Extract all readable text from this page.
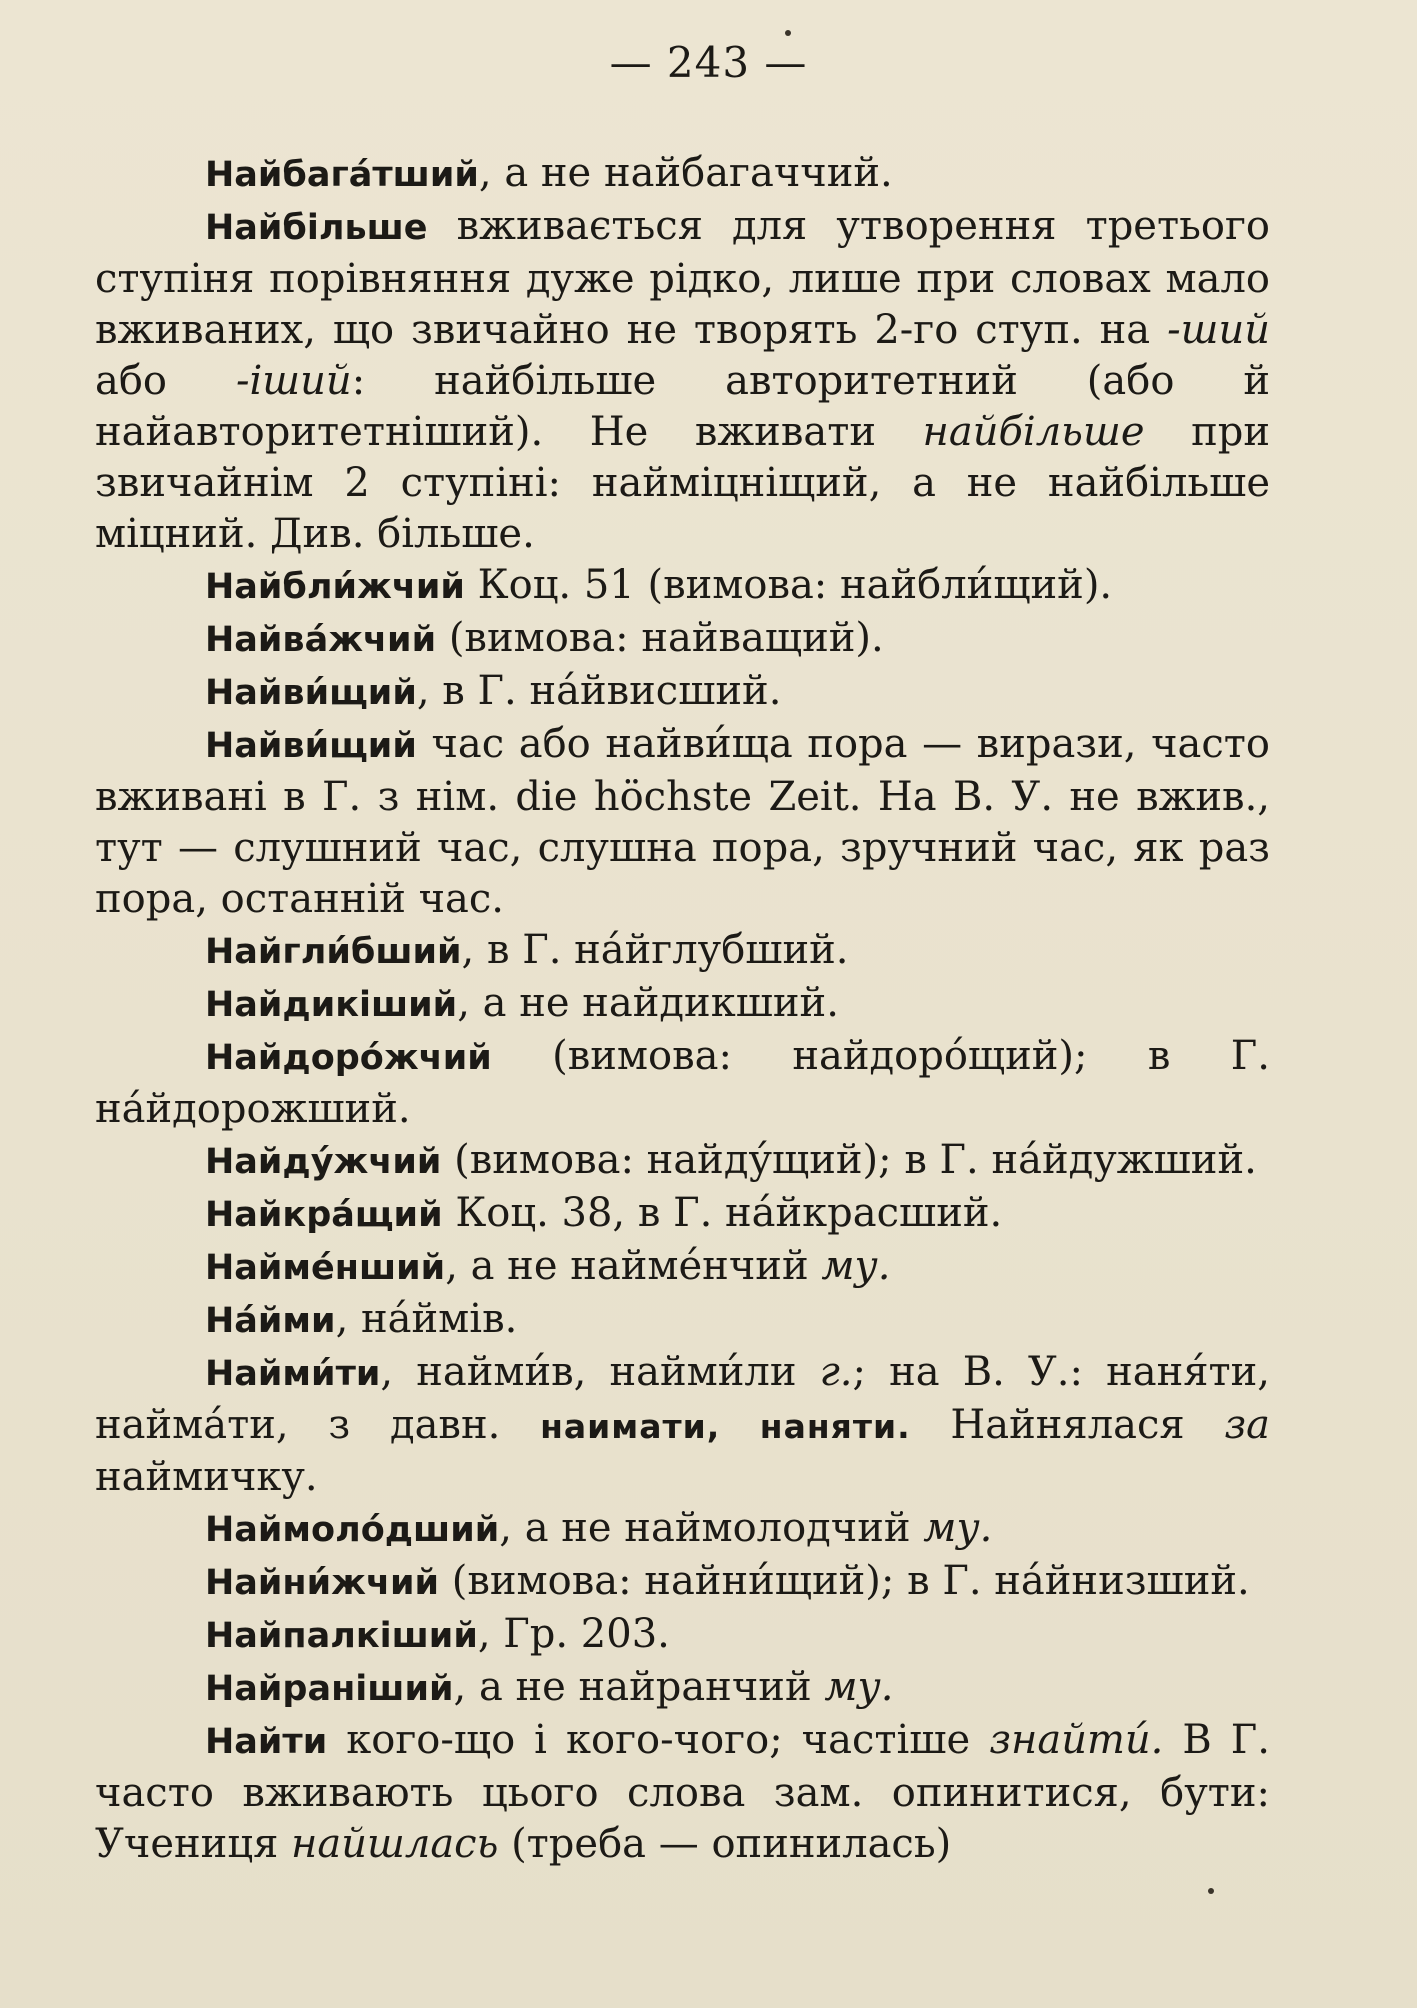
— 243 —

Найбага́тший, а не найбагаччий.

Найбільше вживається для утворення третього ступіня порівняння дуже рідко, лише при словах мало вживаних, що звичайно не творять 2-го ступ. на -ший або -іший: найбільше авторитетний (або й найавторитетніший). Не вживати найбільше при звичайнім 2 ступіні: найміцніщий, а не найбільше міцний. Див. більше.

Найбли́жчий Коц. 51 (вимова: найбли́щий).

Найва́жчий (вимова: найващий).

Найви́щий, в Г. на́йвисший.

Найви́щий час або найви́ща пора — вирази, часто вживані в Г. з нім. die höchste Zeit. На В. У. не вжив., тут — слушний час, слушна пора, зручний час, як раз пора, останній час.

Найгли́бший, в Г. на́йглубший.

Найдикіший, а не найдикший.

Найдоро́жчий (вимова: найдоро́щий); в Г. на́йдорожший.

Найду́жчий (вимова: найду́щий); в Г. на́йдужший.

Найкра́щий Коц. 38, в Г. на́йкрасший.

Найме́нший, а не найме́нчий му.

На́йми, на́ймів.

Найми́ти, найми́в, найми́ли г.; на В. У.: наня́ти, найма́ти, з давн. наимати, наняти. Найнялася за наймичку.

Наймоло́дший, а не наймолодчий му.

Найни́жчий (вимова: найни́щий); в Г. на́йнизший.

Найпалкіший, Гр. 203.

Найраніший, а не найранчий му.

Найти кого-що і кого-чого; частіше знайти́. В Г. часто вживають цього слова зам. опинитися, бути: Учениця найшлась (треба — опинилась)
